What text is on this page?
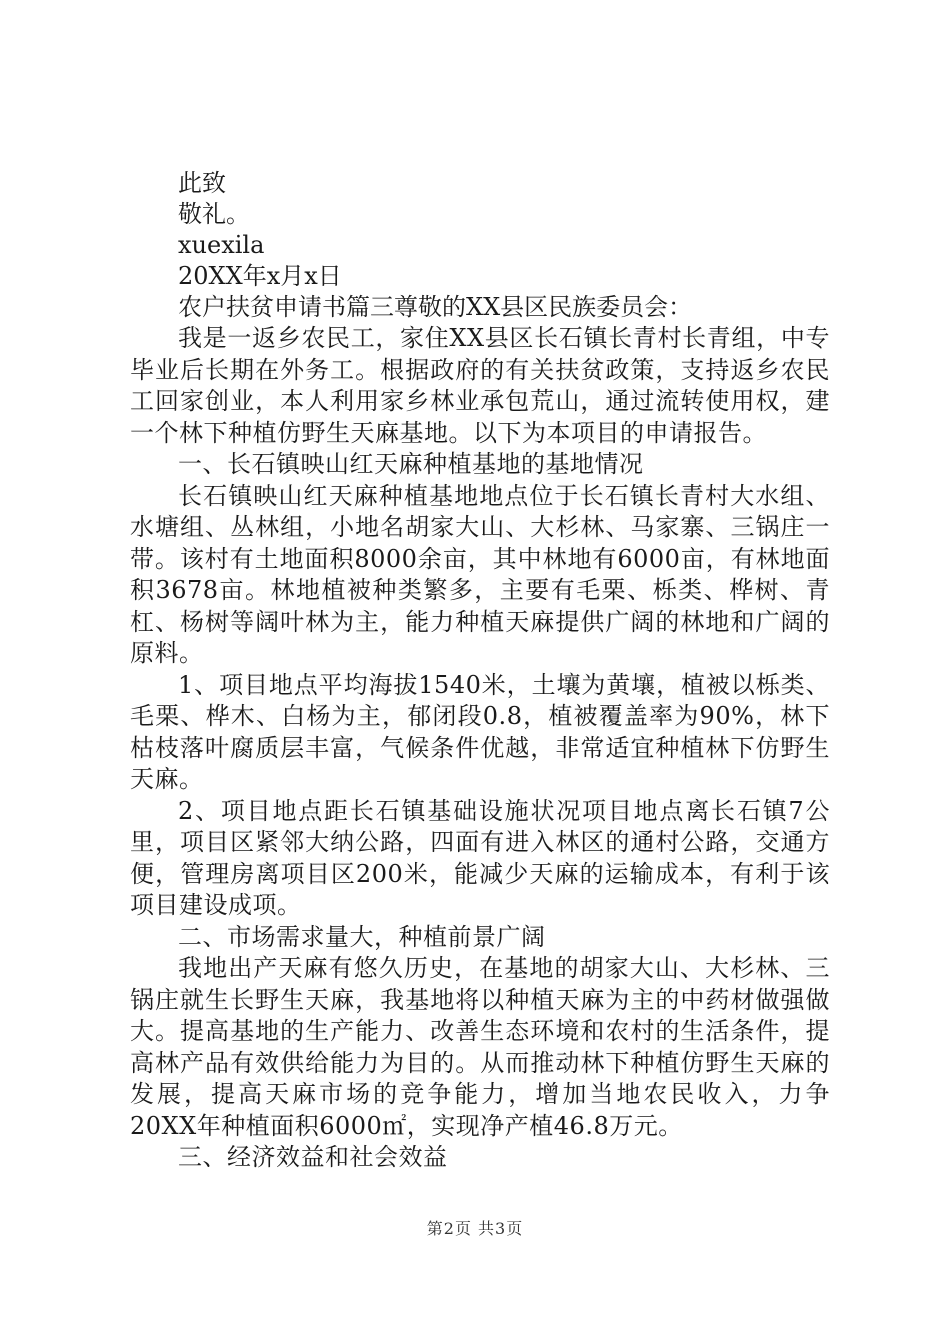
此致

敬礼。

xuexila

20XX年x月x日

农户扶贫申请书篇三尊敬的XX县区民族委员会：

我是一返乡农民工，家住XX县区长石镇长青村长青组，中专毕业后长期在外务工。根据政府的有关扶贫政策，支持返乡农民工回家创业，本人利用家乡林业承包荒山，通过流转使用权，建一个林下种植仿野生天麻基地。以下为本项目的申请报告。

一、长石镇映山红天麻种植基地的基地情况

长石镇映山红天麻种植基地地点位于长石镇长青村大水组、水塘组、丛林组，小地名胡家大山、大杉林、马家寨、三锅庄一带。该村有土地面积8000余亩，其中林地有6000亩，有林地面积3678亩。林地植被种类繁多，主要有毛栗、栎类、桦树、青杠、杨树等阔叶林为主，能力种植天麻提供广阔的林地和广阔的原料。

1、项目地点平均海拔1540米，土壤为黄壤，植被以栎类、毛栗、桦木、白杨为主，郁闭段0.8，植被覆盖率为90%，林下枯枝落叶腐质层丰富，气候条件优越，非常适宜种植林下仿野生天麻。

2、项目地点距长石镇基础设施状况项目地点离长石镇7公里，项目区紧邻大纳公路，四面有进入林区的通村公路，交通方便，管理房离项目区200米，能减少天麻的运输成本，有利于该项目建设成项。

二、市场需求量大，种植前景广阔

我地出产天麻有悠久历史，在基地的胡家大山、大杉林、三锅庄就生长野生天麻，我基地将以种植天麻为主的中药材做强做大。提高基地的生产能力、改善生态环境和农村的生活条件，提高林产品有效供给能力为目的。从而推动林下种植仿野生天麻的发展，提高天麻市场的竞争能力，增加当地农民收入，力争20XX年种植面积6000㎡，实现净产植46.8万元。

三、经济效益和社会效益

第2页 共3页
